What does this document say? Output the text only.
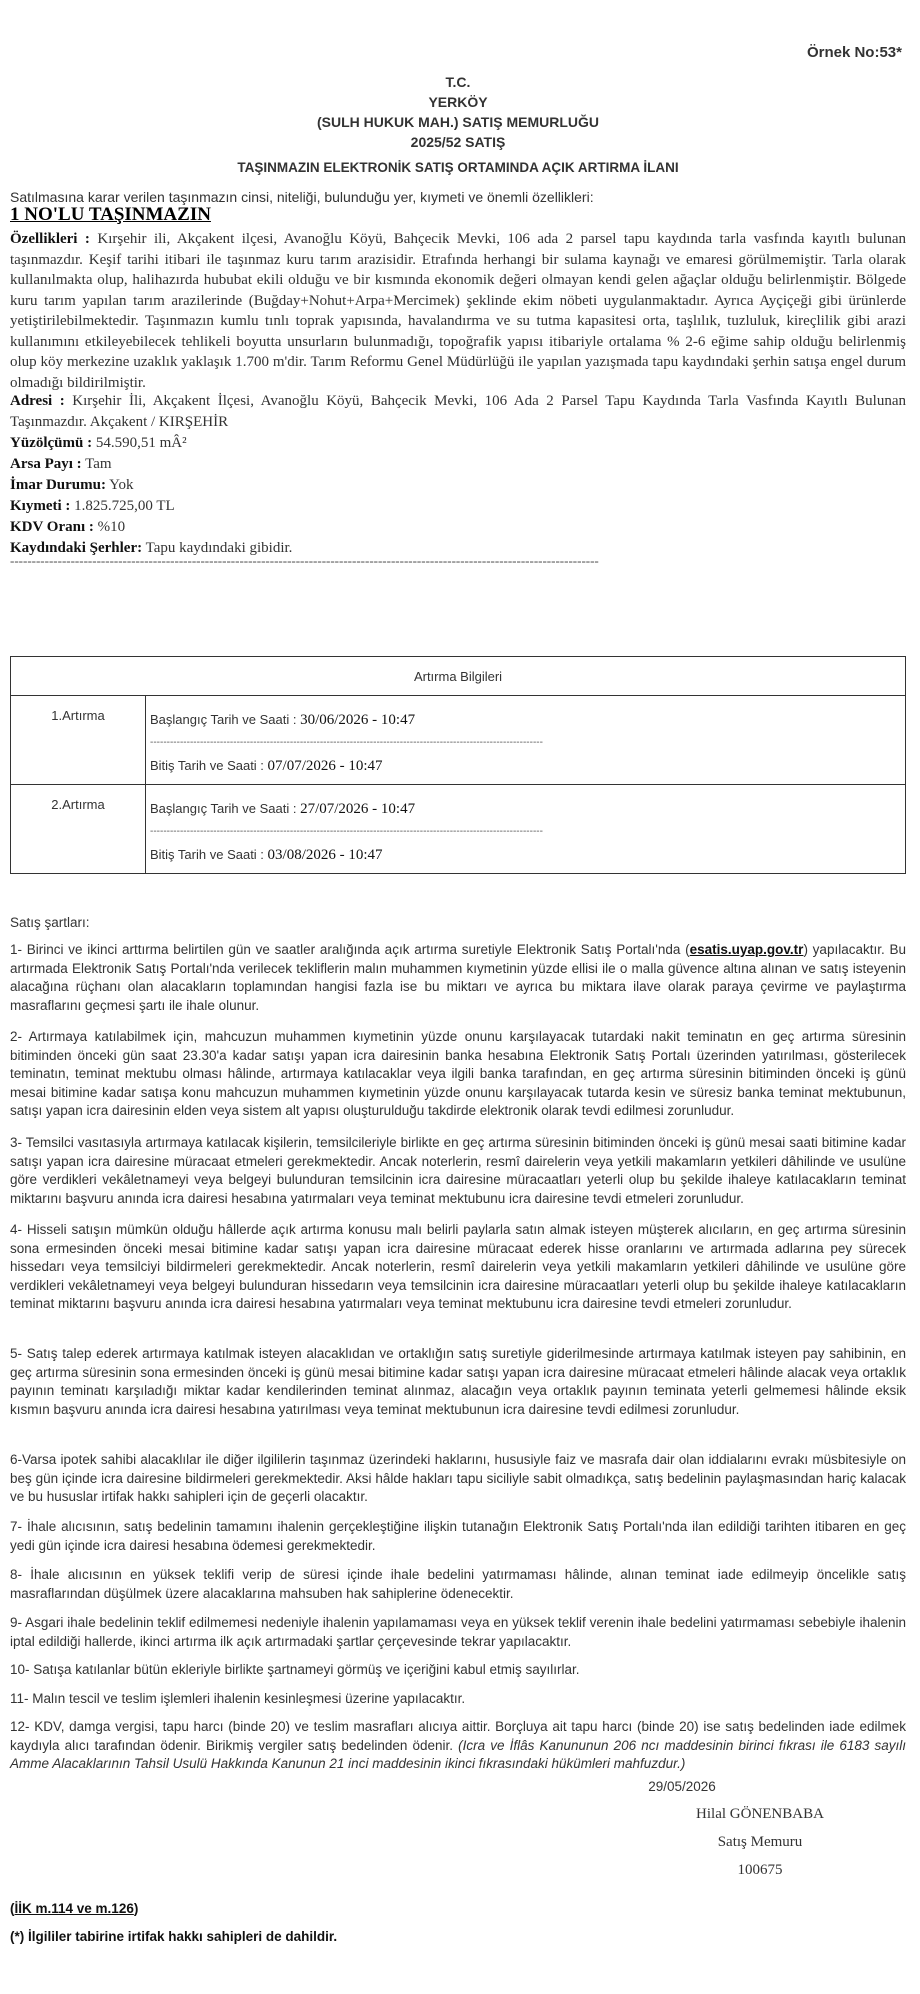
Örnek No:53*
T.C.
YERKÖY
(SULH HUKUK MAH.) SATIŞ MEMURLUĞU
2025/52 SATIŞ
TAŞINMAZIN ELEKTRONİK SATIŞ ORTAMINDA AÇIK ARTIRMA İLANI
Satılmasına karar verilen taşınmazın cinsi, niteliği, bulunduğu yer, kıymeti ve önemli özellikleri:
1 NO'LU TAŞINMAZIN
Özellikleri : Kırşehir ili, Akçakent ilçesi, Avanoğlu Köyü, Bahçecik Mevki, 106 ada 2 parsel tapu kaydında tarla vasfında kayıtlı bulunan taşınmazdır. Keşif tarihi itibari ile taşınmaz kuru tarım arazisidir. Etrafında herhangi bir sulama kaynağı ve emaresi görülmemiştir. Tarla olarak kullanılmakta olup, halihazırda hububat ekili olduğu ve bir kısmında ekonomik değeri olmayan kendi gelen ağaçlar olduğu belirlenmiştir. Bölgede kuru tarım yapılan tarım arazilerinde (Buğday+Nohut+Arpa+Mercimek) şeklinde ekim nöbeti uygulanmaktadır. Ayrıca Ayçiçeği gibi ürünlerde yetiştirilebilmektedir. Taşınmazın kumlu tınlı toprak yapısında, havalandırma ve su tutma kapasitesi orta, taşlılık, tuzluluk, kireçlilik gibi arazi kullanımını etkileyebilecek tehlikeli boyutta unsurların bulunmadığı, topoğrafik yapısı itibariyle ortalama % 2-6 eğime sahip olduğu belirlenmiş olup köy merkezine uzaklık yaklaşık 1.700 m'dir. Tarım Reformu Genel Müdürlüğü ile yapılan yazışmada tapu kaydındaki şerhin satışa engel durum olmadığı bildirilmiştir.
Adresi : Kırşehir İli, Akçakent İlçesi, Avanoğlu Köyü, Bahçecik Mevki, 106 Ada 2 Parsel Tapu Kaydında Tarla Vasfında Kayıtlı Bulunan Taşınmazdır. Akçakent / KIRŞEHİR
Yüzölçümü : 54.590,51 mÂ²
Arsa Payı : Tam
İmar Durumu: Yok
Kıymeti : 1.825.725,00 TL
KDV Oranı : %10
Kaydındaki Şerhler: Tapu kaydındaki gibidir.
----------------------------------------------------------------------------------------------------------------------------------------
Artırma Bilgileri	
1.Artırma	Başlangıç Tarih ve Saati : 30/06/2026 - 10:47
----------------------------------------------------------------------------------------------------------------------
Bitiş Tarih ve Saati : 07/07/2026 - 10:47

2.Artırma	Başlangıç Tarih ve Saati : 27/07/2026 - 10:47
----------------------------------------------------------------------------------------------------------------------
Bitiş Tarih ve Saati : 03/08/2026 - 10:47
Satış şartları:
1- Birinci ve ikinci arttırma belirtilen gün ve saatler aralığında açık artırma suretiyle Elektronik Satış Portalı'nda (esatis.uyap.gov.tr) yapılacaktır. Bu artırmada Elektronik Satış Portalı'nda verilecek tekliflerin malın muhammen kıymetinin yüzde ellisi ile o malla güvence altına alınan ve satış isteyenin alacağına rüçhanı olan alacakların toplamından hangisi fazla ise bu miktarı ve ayrıca bu miktara ilave olarak paraya çevirme ve paylaştırma masraflarını geçmesi şartı ile ihale olunur.
2- Artırmaya katılabilmek için, mahcuzun muhammen kıymetinin yüzde onunu karşılayacak tutardaki nakit teminatın en geç artırma süresinin bitiminden önceki gün saat 23.30'a kadar satışı yapan icra dairesinin banka hesabına Elektronik Satış Portalı üzerinden yatırılması, gösterilecek teminatın, teminat mektubu olması hâlinde, artırmaya katılacaklar veya ilgili banka tarafından, en geç artırma süresinin bitiminden önceki iş günü mesai bitimine kadar satışa konu mahcuzun muhammen kıymetinin yüzde onunu karşılayacak tutarda kesin ve süresiz banka teminat mektubunun, satışı yapan icra dairesinin elden veya sistem alt yapısı oluşturulduğu takdirde elektronik olarak tevdi edilmesi zorunludur.
3- Temsilci vasıtasıyla artırmaya katılacak kişilerin, temsilcileriyle birlikte en geç artırma süresinin bitiminden önceki iş günü mesai saati bitimine kadar satışı yapan icra dairesine müracaat etmeleri gerekmektedir. Ancak noterlerin, resmî dairelerin veya yetkili makamların yetkileri dâhilinde ve usulüne göre verdikleri vekâletnameyi veya belgeyi bulunduran temsilcinin icra dairesine müracaatları yeterli olup bu şekilde ihaleye katılacakların teminat miktarını başvuru anında icra dairesi hesabına yatırmaları veya teminat mektubunu icra dairesine tevdi etmeleri zorunludur.
4- Hisseli satışın mümkün olduğu hâllerde açık artırma konusu malı belirli paylarla satın almak isteyen müşterek alıcıların, en geç artırma süresinin sona ermesinden önceki mesai bitimine kadar satışı yapan icra dairesine müracaat ederek hisse oranlarını ve artırmada adlarına pey sürecek hissedarı veya temsilciyi bildirmeleri gerekmektedir. Ancak noterlerin, resmî dairelerin veya yetkili makamların yetkileri dâhilinde ve usulüne göre verdikleri vekâletnameyi veya belgeyi bulunduran hissedarın veya temsilcinin icra dairesine müracaatları yeterli olup bu şekilde ihaleye katılacakların teminat miktarını başvuru anında icra dairesi hesabına yatırmaları veya teminat mektubunu icra dairesine tevdi etmeleri zorunludur.
5- Satış talep ederek artırmaya katılmak isteyen alacaklıdan ve ortaklığın satış suretiyle giderilmesinde artırmaya katılmak isteyen pay sahibinin, en geç artırma süresinin sona ermesinden önceki iş günü mesai bitimine kadar satışı yapan icra dairesine müracaat etmeleri hâlinde alacak veya ortaklık payının teminatı karşıladığı miktar kadar kendilerinden teminat alınmaz, alacağın veya ortaklık payının teminata yeterli gelmemesi hâlinde eksik kısmın başvuru anında icra dairesi hesabına yatırılması veya teminat mektubunun icra dairesine tevdi edilmesi zorunludur.
6-Varsa ipotek sahibi alacaklılar ile diğer ilgililerin taşınmaz üzerindeki haklarını, hususiyle faiz ve masrafa dair olan iddialarını evrakı müsbitesiyle on beş gün içinde icra dairesine bildirmeleri gerekmektedir. Aksi hâlde hakları tapu siciliyle sabit olmadıkça, satış bedelinin paylaşmasından hariç kalacak ve bu hususlar irtifak hakkı sahipleri için de geçerli olacaktır.
7- İhale alıcısının, satış bedelinin tamamını ihalenin gerçekleştiğine ilişkin tutanağın Elektronik Satış Portalı'nda ilan edildiği tarihten itibaren en geç yedi gün içinde icra dairesi hesabına ödemesi gerekmektedir.
8- İhale alıcısının en yüksek teklifi verip de süresi içinde ihale bedelini yatırmaması hâlinde, alınan teminat iade edilmeyip öncelikle satış masraflarından düşülmek üzere alacaklarına mahsuben hak sahiplerine ödenecektir.
9- Asgari ihale bedelinin teklif edilmemesi nedeniyle ihalenin yapılamaması veya en yüksek teklif verenin ihale bedelini yatırmaması sebebiyle ihalenin iptal edildiği hallerde, ikinci artırma ilk açık artırmadaki şartlar çerçevesinde tekrar yapılacaktır.
10- Satışa katılanlar bütün ekleriyle birlikte şartnameyi görmüş ve içeriğini kabul etmiş sayılırlar.
11- Malın tescil ve teslim işlemleri ihalenin kesinleşmesi üzerine yapılacaktır.
12- KDV, damga vergisi, tapu harcı (binde 20) ve teslim masrafları alıcıya aittir. Borçluya ait tapu harcı (binde 20) ise satış bedelinden iade edilmek kaydıyla alıcı tarafından ödenir. Birikmiş vergiler satış bedelinden ödenir. (Icra ve İflâs Kanununun 206 ncı maddesinin birinci fıkrası ile 6183 sayılı Amme Alacaklarının Tahsil Usulü Hakkında Kanunun 21 inci maddesinin ikinci fıkrasındaki hükümleri mahfuzdur.)
29/05/2026
Hilal GÖNENBABA
Satış Memuru
100675
(İİK m.114 ve m.126)
(*) İlgililer tabirine irtifak hakkı sahipleri de dahildir.
